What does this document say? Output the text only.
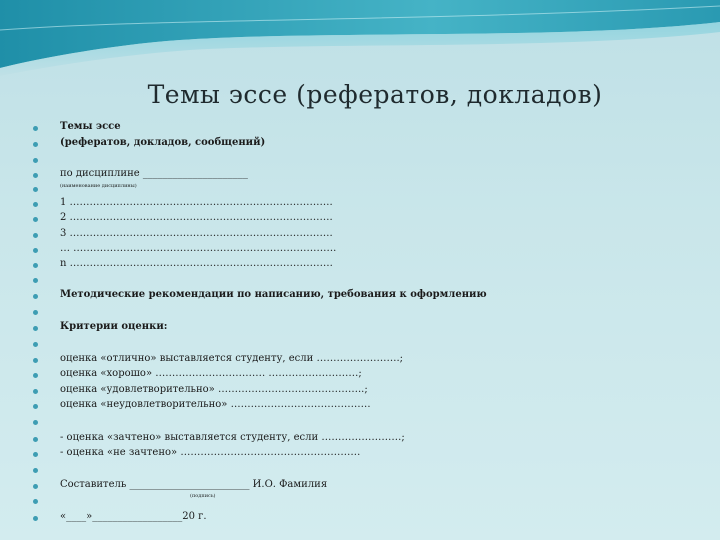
Темы эссе (рефератов, докладов)
Темы эссе
(рефератов, докладов, сообщений)
по дисциплине _____________________
(наименование дисциплины)
1 …………………………………………………………………….
2 …………………………………………………………………….
3 …………………………………………………………………….
… …………………………………………………………………….
n …………………………………………………………………….
Методические рекомендации по написанию, требования к оформлению
Критерии оценки:
оценка «отлично» выставляется студенту, если …………………….;
оценка «хорошо» …………………………… ………………………;
оценка «удовлетворительно» ……………………………………..;
оценка «неудовлетворительно» ……………………………………
- оценка «зачтено» выставляется студенту, если ……………………;
- оценка «не зачтено» ………………………………………………
Составитель ________________________ И.О. Фамилия
(подпись)
«____»__________________20 г.
